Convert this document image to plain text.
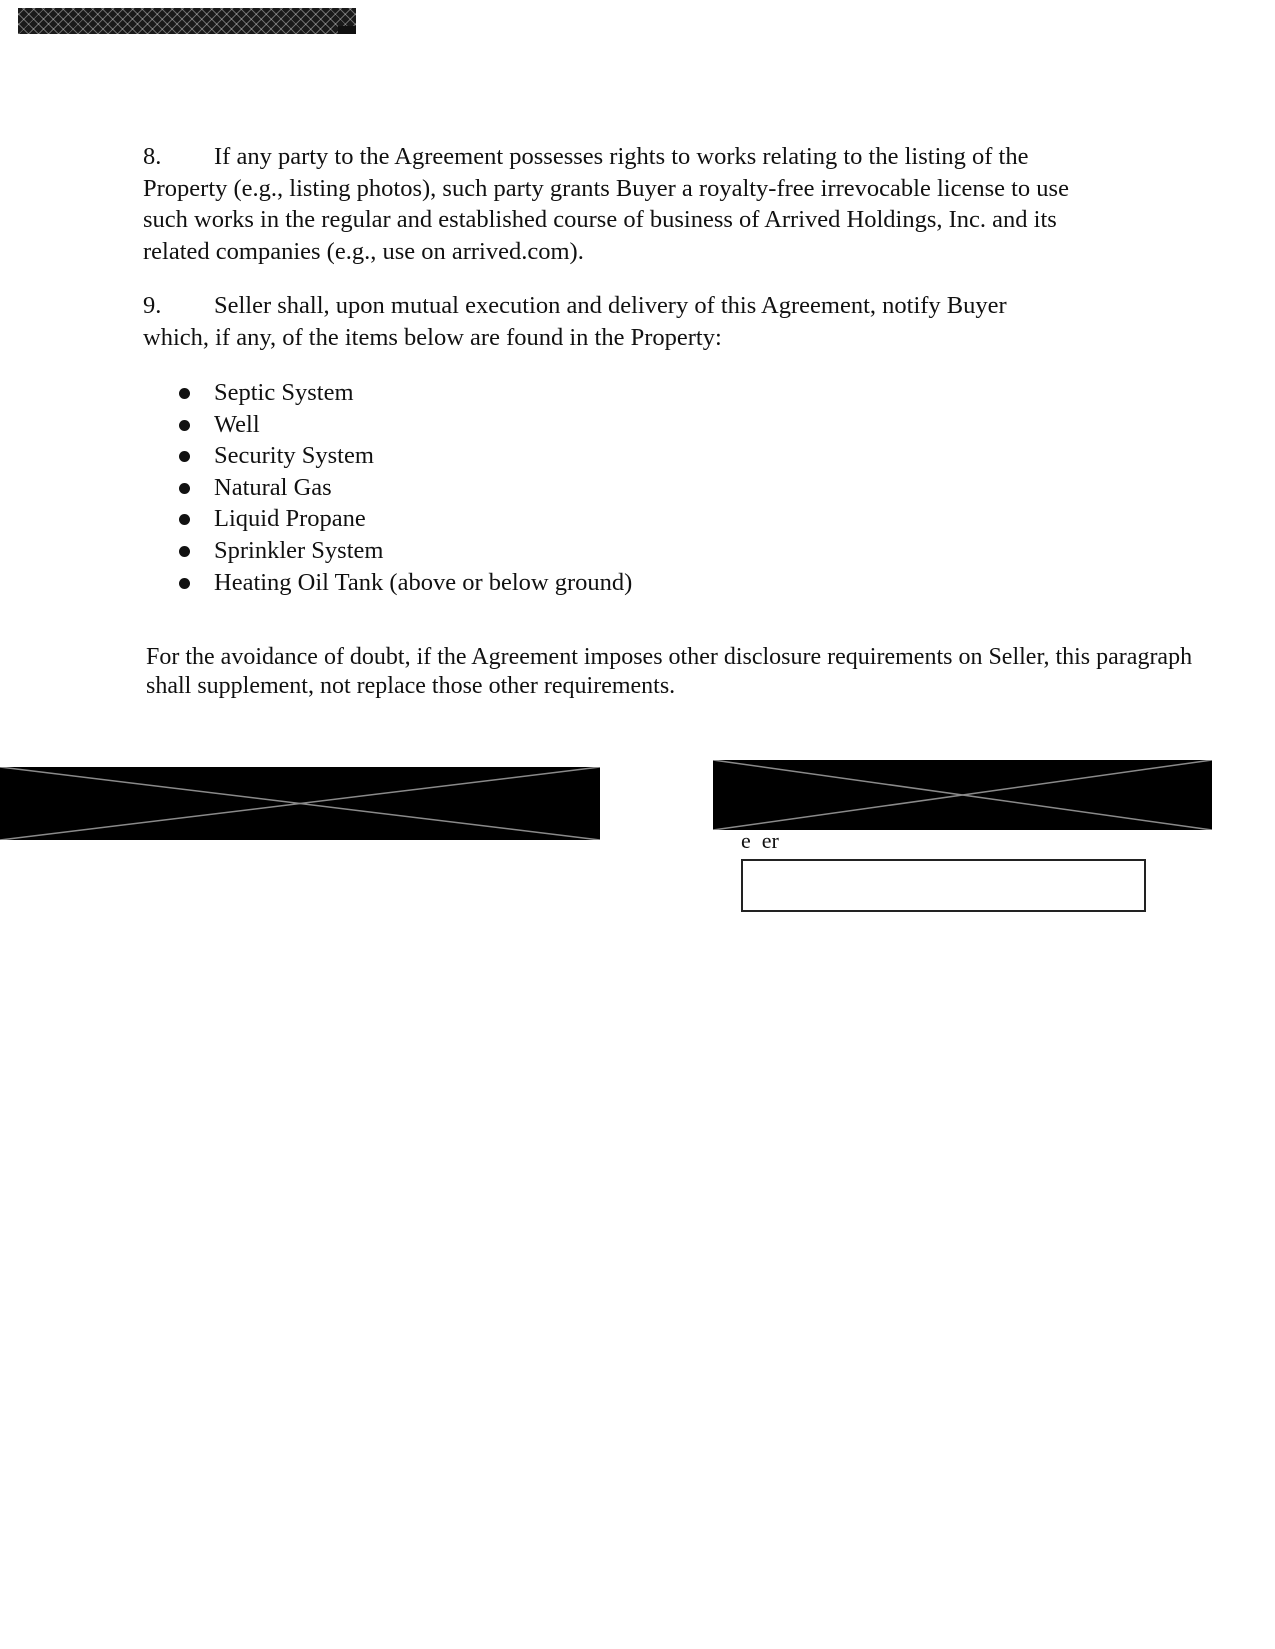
8. If any party to the Agreement possesses rights to works relating to the listing of the Property (e.g., listing photos), such party grants Buyer a royalty-free irrevocable license to use such works in the regular and established course of business of Arrived Holdings, Inc. and its related companies (e.g., use on arrived.com).

9. Seller shall, upon mutual execution and delivery of this Agreement, notify Buyer which, if any, of the items below are found in the Property:

Septic System
Well
Security System
Natural Gas
Liquid Propane
Sprinkler System
Heating Oil Tank (above or below ground)

For the avoidance of doubt, if the Agreement imposes other disclosure requirements on Seller, this paragraph shall supplement, not replace those other requirements.

e  er
